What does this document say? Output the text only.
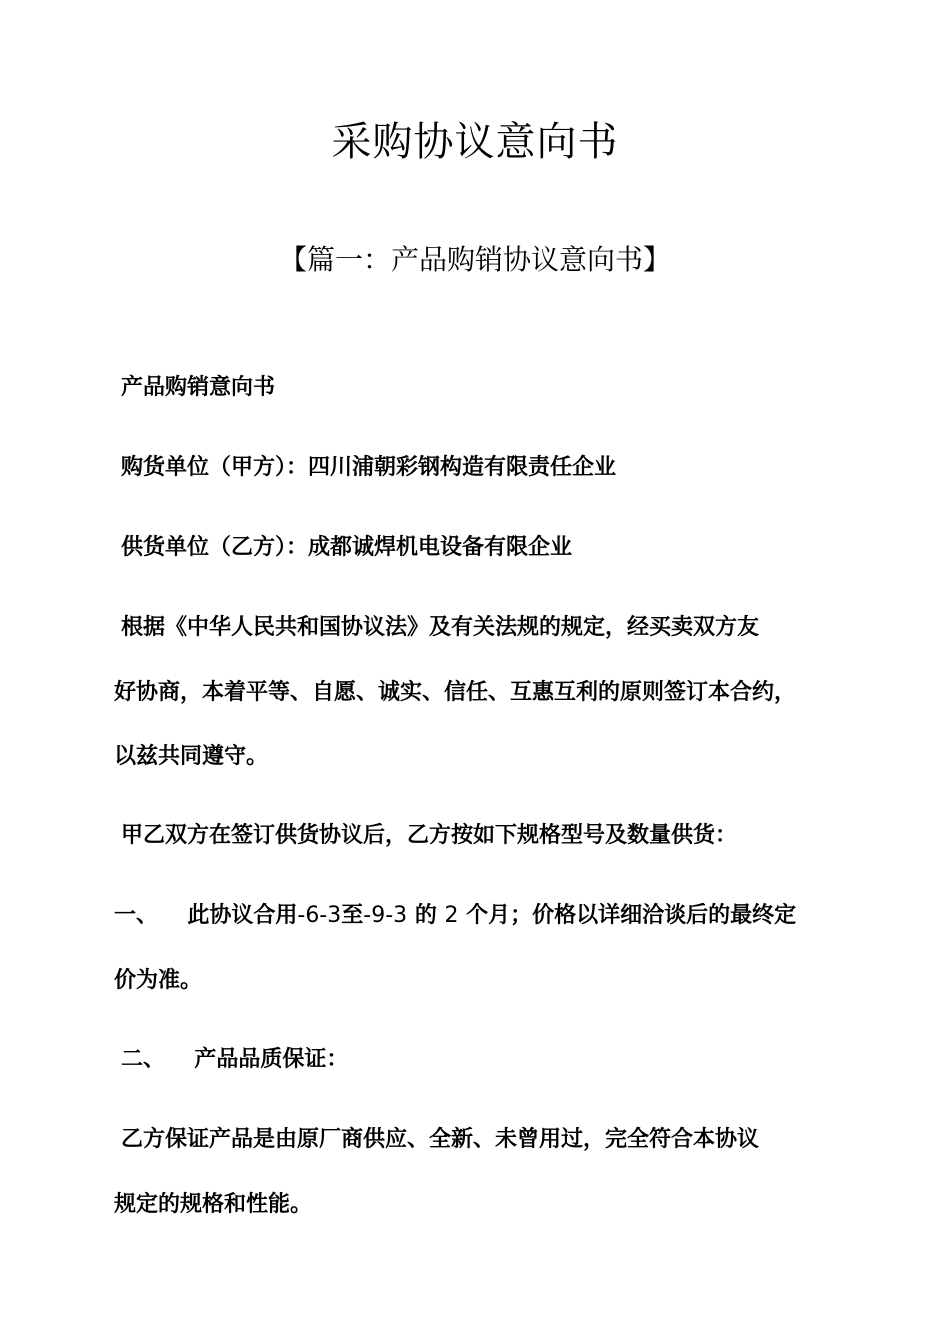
采购协议意向书
【篇一：产品购销协议意向书】
产品购销意向书
购货单位（甲方）：四川浦朝彩钢构造有限责任企业
供货单位（乙方）：成都诚焊机电设备有限企业
根据《中华人民共和国协议法》及有关法规的规定，经买卖双方友
好协商，本着平等、自愿、诚实、信任、互惠互利的原则签订本合约，
以兹共同遵守。
甲乙双方在签订供货协议后，乙方按如下规格型号及数量供货：
一、 此协议合用-6-3至-9-3 的 2 个月；价格以详细洽谈后的最终定
价为准。
二、 产品品质保证：
乙方保证产品是由原厂商供应、全新、未曾用过，完全符合本协议
规定的规格和性能。
